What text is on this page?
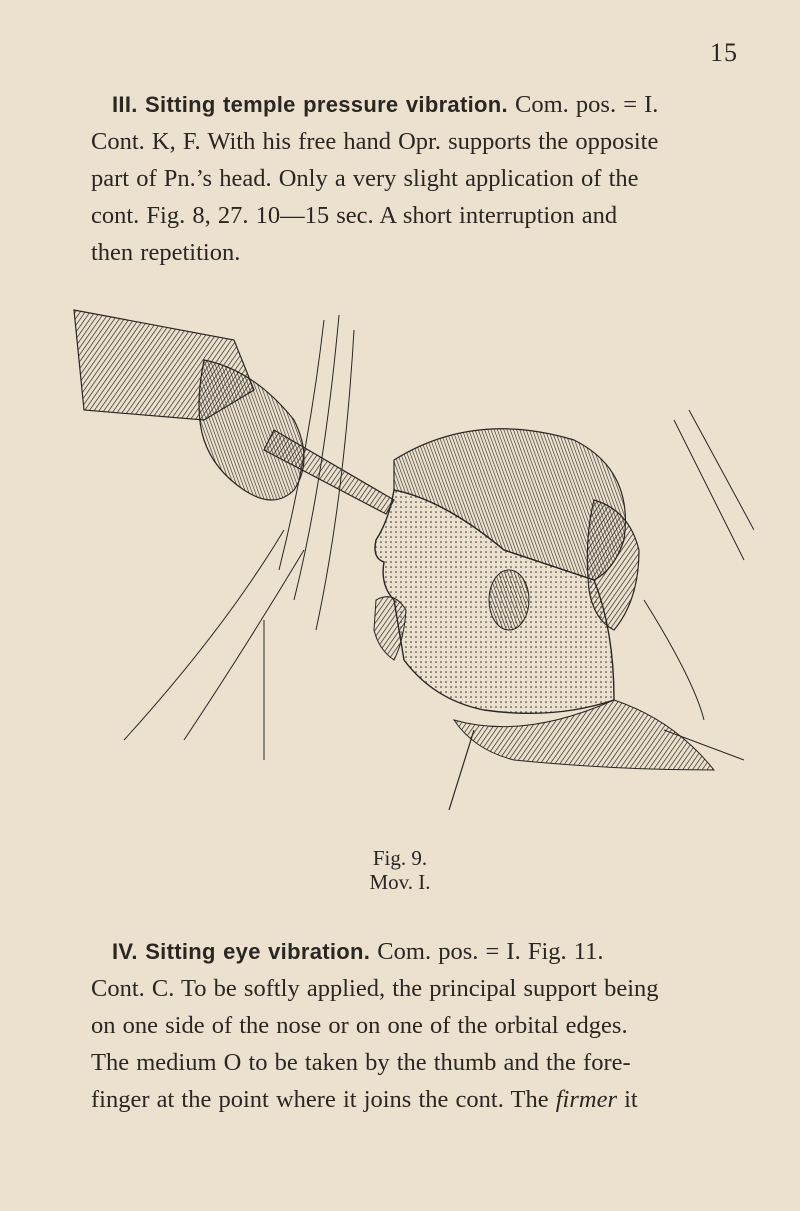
15

III. Sitting temple pressure vibration. Com. pos. = I.
Cont. K, F. With his free hand Opr. supports the opposite
part of Pn.’s head. Only a very slight application of the
cont. Fig. 8, 27. 10—15 sec. A short interruption and
then repetition.

Fig. 9.
Mov. I.

IV. Sitting eye vibration. Com. pos. = I. Fig. 11.
Cont. C. To be softly applied, the principal support being
on one side of the nose or on one of the orbital edges.
The medium O to be taken by the thumb and the fore-
finger at the point where it joins the cont. The firmer it
